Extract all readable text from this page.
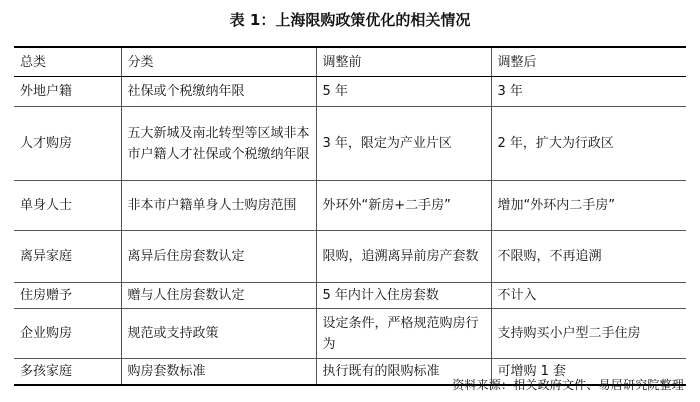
表 1：上海限购政策优化的相关情况
总类	分类	调整前	调整后
外地户籍	社保或个税缴纳年限	5 年	3 年
人才购房	五大新城及南北转型等区域非本市户籍人才社保或个税缴纳年限	3 年，限定为产业片区	2 年，扩大为行政区
单身人士	非本市户籍单身人士购房范围	外环外“新房+二手房”	增加“外环内二手房”
离异家庭	离异后住房套数认定	限购，追溯离异前房产套数	不限购，不再追溯
住房赠予	赠与人住房套数认定	5 年内计入住房套数	不计入
企业购房	规范或支持政策	设定条件，严格规范购房行为	支持购买小户型二手住房
多孩家庭	购房套数标准	执行既有的限购标准	可增购 1 套
资料来源：相关政府文件、易居研究院整理
